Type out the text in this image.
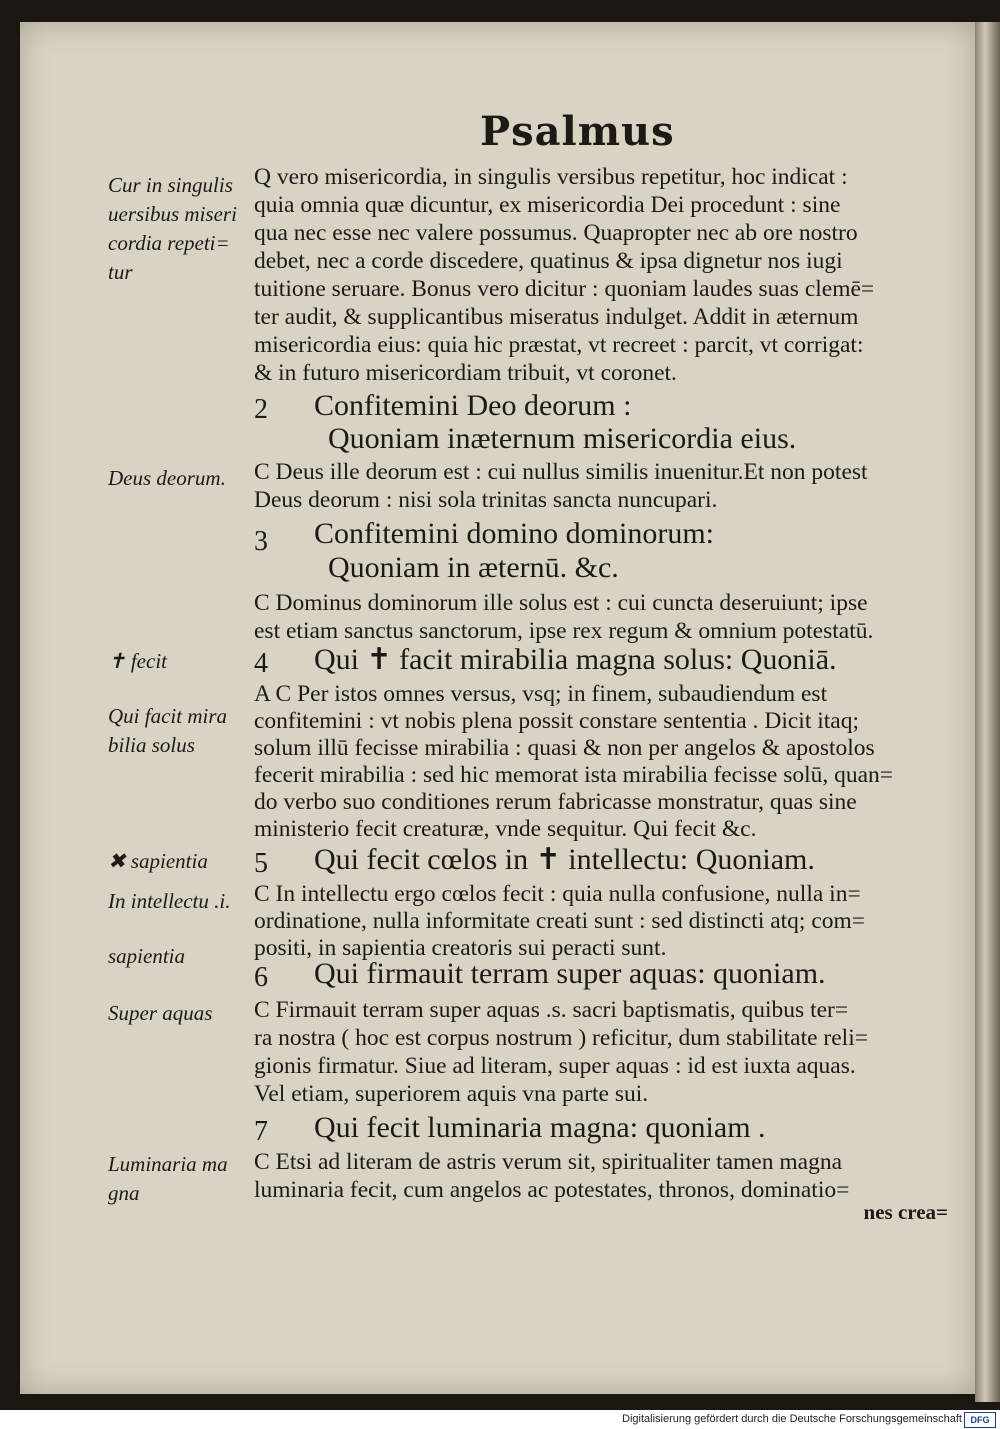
Psalmus
Cur in singulis uersibus miseri cordia repeti= tur
Deus deorum.
✝ fecit
Qui facit mira bilia solus
✖ sapientia
In intellectu .i.
sapientia
Super aquas
Luminaria ma gna
Q vero misericordia, in singulis versibus repetitur, hoc indicat :
quia omnia quæ dicuntur, ex misericordia Dei procedunt : sine
qua nec esse nec valere possumus. Quapropter nec ab ore nostro
debet, nec a corde discedere, quatinus & ipsa dignetur nos iugi
tuitione seruare. Bonus vero dicitur : quoniam laudes suas clemē=
ter audit, & supplicantibus miseratus indulget. Addit in æternum
misericordia eius: quia hic præstat, vt recreet : parcit, vt corrigat:
& in futuro misericordiam tribuit, vt coronet.
2 Confitemini Deo deorum :
Quoniam inæternum misericordia eius.
C Deus ille deorum est : cui nullus similis inuenitur.Et non potest
Deus deorum : nisi sola trinitas sancta nuncupari.
3 Confitemini domino dominorum:
Quoniam in æternū. &c.
C Dominus dominorum ille solus est : cui cuncta deseruiunt; ipse
est etiam sanctus sanctorum, ipse rex regum & omnium potestatū.
4 Qui ✝ facit mirabilia magna solus: Quoniā.
A C Per istos omnes versus, vsq; in finem, subaudiendum est
confitemini : vt nobis plena possit constare sententia . Dicit itaq;
solum illū fecisse mirabilia : quasi & non per angelos & apostolos
fecerit mirabilia : sed hic memorat ista mirabilia fecisse solū, quan=
do verbo suo conditiones rerum fabricasse monstratur, quas sine
ministerio fecit creaturæ, vnde sequitur. Qui fecit &c.
5 Qui fecit cœlos in ✝ intellectu: Quoniam.
C In intellectu ergo cœlos fecit : quia nulla confusione, nulla in=
ordinatione, nulla informitate creati sunt : sed distincti atq; com=
positi, in sapientia creatoris sui peracti sunt.
6 Qui firmauit terram super aquas: quoniam.
C Firmauit terram super aquas .s. sacri baptismatis, quibus ter=
ra nostra ( hoc est corpus nostrum ) reficitur, dum stabilitate reli=
gionis firmatur. Siue ad literam, super aquas : id est iuxta aquas.
Vel etiam, superiorem aquis vna parte sui.
7 Qui fecit luminaria magna: quoniam .
C Etsi ad literam de astris verum sit, spiritualiter tamen magna
luminaria fecit, cum angelos ac potestates, thronos, dominatio=
nes crea=
Digitalisierung gefördert durch die Deutsche Forschungsgemeinschaft DFG
